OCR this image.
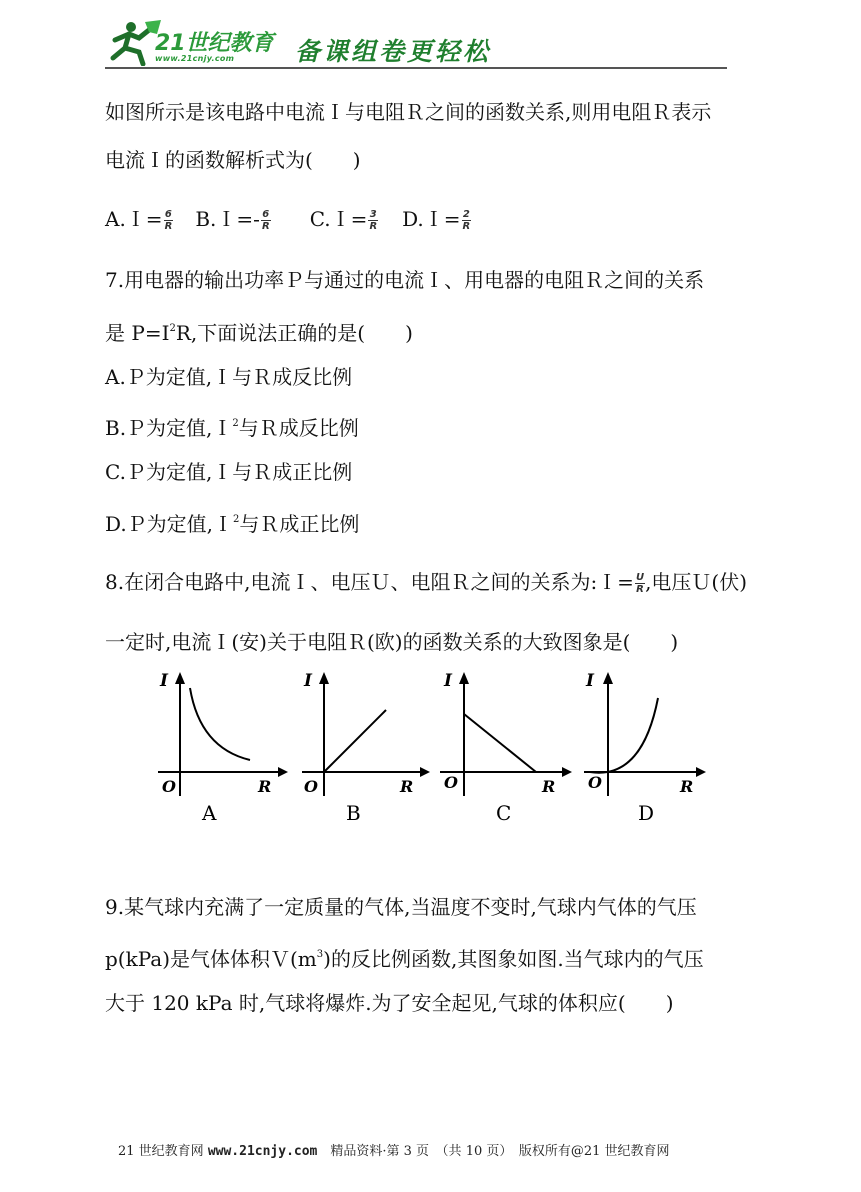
21世纪教育
www.21cnjy.com 备课组卷更轻松
如图所示是该电路中电流Ｉ与电阻Ｒ之间的函数关系,则用电阻Ｒ表示
电流Ｉ的函数解析式为(　　)
A.Ｉ= $\frac{6}{R}$ B.Ｉ=- $\frac{6}{R}$ C.Ｉ= $\frac{3}{R}$ D.Ｉ= $\frac{2}{R}$
7.用电器的输出功率Ｐ与通过的电流Ｉ、用电器的电阻Ｒ之间的关系
是 $P=I^2R$,下面说法正确的是(　　)
A.Ｐ为定值,Ｉ与Ｒ成反比例
B.Ｐ为定值,Ｉ$^2$与Ｒ成反比例
C.Ｐ为定值,Ｉ与Ｒ成正比例
D.Ｐ为定值,Ｉ$^2$与Ｒ成正比例
8.在闭合电路中,电流Ｉ、电压Ｕ、电阻Ｒ之间的关系为:Ｉ= $\frac{U}{R}$ ,电压Ｕ(伏)
一定时,电流Ｉ(安)关于电阻Ｒ(欧)的函数关系的大致图象是(　　)
I
O	R
A
I
O	R
B
I
O	R
C
I
O	R
D
9.某气球内充满了一定质量的气体,当温度不变时,气球内气体的气压
p(kPa)是气体体积$V(m^3)$的反比例函数,其图象如图.当气球内的气压
大于 120 kPa 时,气球将爆炸.为了安全起见,气球的体积应(　　)
21 世纪教育网 www.21cnjy.com　精品资料·第 3 页　（共 10 页）　版权所有@21 世纪教育网
